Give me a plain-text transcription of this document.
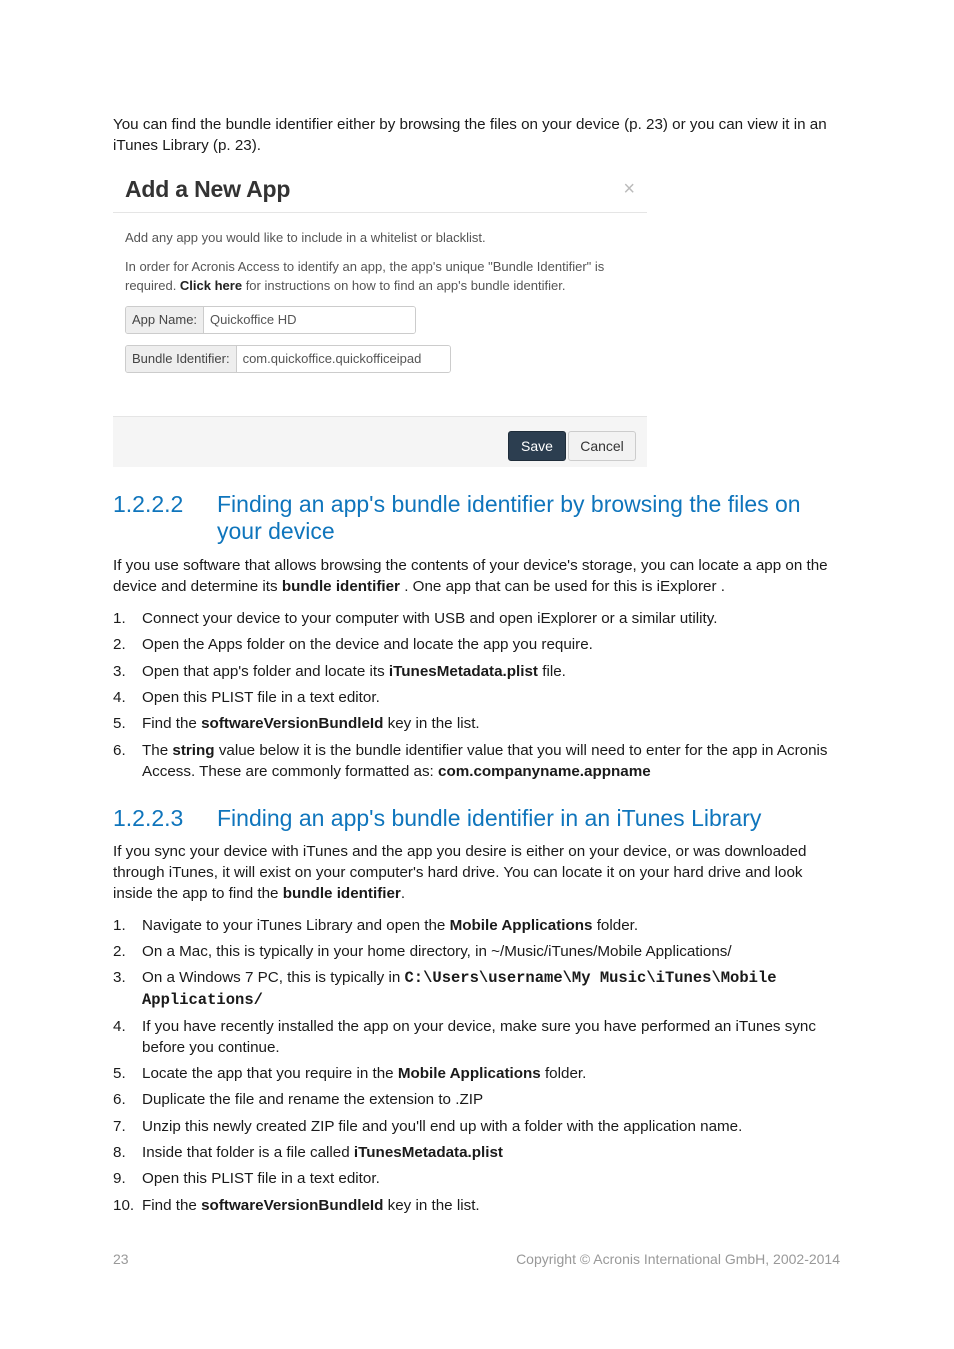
You can find the bundle identifier either by browsing the files on your device (p. 23) or you can view it in an iTunes Library (p. 23).

Add a New App	×
Add any app you would like to include in a whitelist or blacklist.
In order for Acronis Access to identify an app, the app's unique "Bundle Identifier" is required. Click here for instructions on how to find an app's bundle identifier.
App Name:	Quickoffice HD
Bundle Identifier:	com.quickoffice.quickofficeipad
Save	Cancel
1.2.2.2 Finding an app's bundle identifier by browsing the files on your device

If you use software that allows browsing the contents of your device's storage, you can locate a app on the device and determine its bundle identifier . One app that can be used for this is iExplorer .

1. Connect your device to your computer with USB and open iExplorer or a similar utility.
2. Open the Apps folder on the device and locate the app you require.
3. Open that app's folder and locate its iTunesMetadata.plist file.
4. Open this PLIST file in a text editor.
5. Find the softwareVersionBundleId key in the list.
6. The string value below it is the bundle identifier value that you will need to enter for the app in Acronis Access. These are commonly formatted as: com.companyname.appname
1.2.2.3 Finding an app's bundle identifier in an iTunes Library

If you sync your device with iTunes and the app you desire is either on your device, or was downloaded through iTunes, it will exist on your computer's hard drive. You can locate it on your hard drive and look inside the app to find the bundle identifier.

1. Navigate to your iTunes Library and open the Mobile Applications folder.
2. On a Mac, this is typically in your home directory, in ~/Music/iTunes/Mobile Applications/
3. On a Windows 7 PC, this is typically in C:\Users\username\My Music\iTunes\Mobile Applications/
4. If you have recently installed the app on your device, make sure you have performed an iTunes sync before you continue.
5. Locate the app that you require in the Mobile Applications folder.
6. Duplicate the file and rename the extension to .ZIP
7. Unzip this newly created ZIP file and you'll end up with a folder with the application name.
8. Inside that folder is a file called iTunesMetadata.plist
9. Open this PLIST file in a text editor.
10. Find the softwareVersionBundleId key in the list.
23	Copyright © Acronis International GmbH, 2002-2014
